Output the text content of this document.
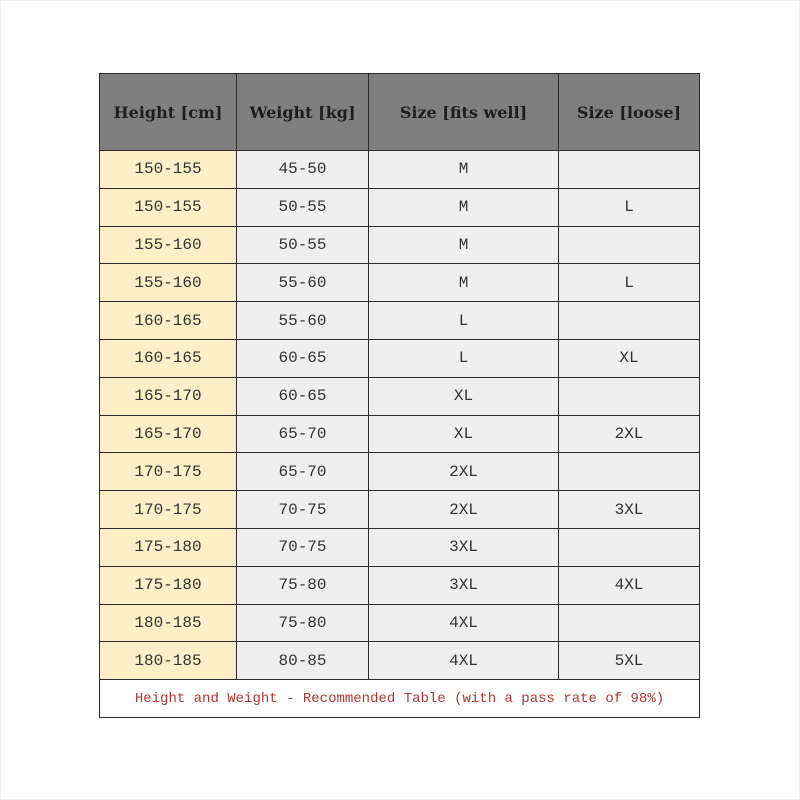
Height [cm]	Weight [kg]	Size [fits well]	Size [loose]
150-155	45-50	M	
150-155	50-55	M	L
155-160	50-55	M	
155-160	55-60	M	L
160-165	55-60	L	
160-165	60-65	L	XL
165-170	60-65	XL	
165-170	65-70	XL	2XL
170-175	65-70	2XL	
170-175	70-75	2XL	3XL
175-180	70-75	3XL	
175-180	75-80	3XL	4XL
180-185	75-80	4XL	
180-185	80-85	4XL	5XL
Height and Weight - Recommended Table (with a pass rate of 98%)			
